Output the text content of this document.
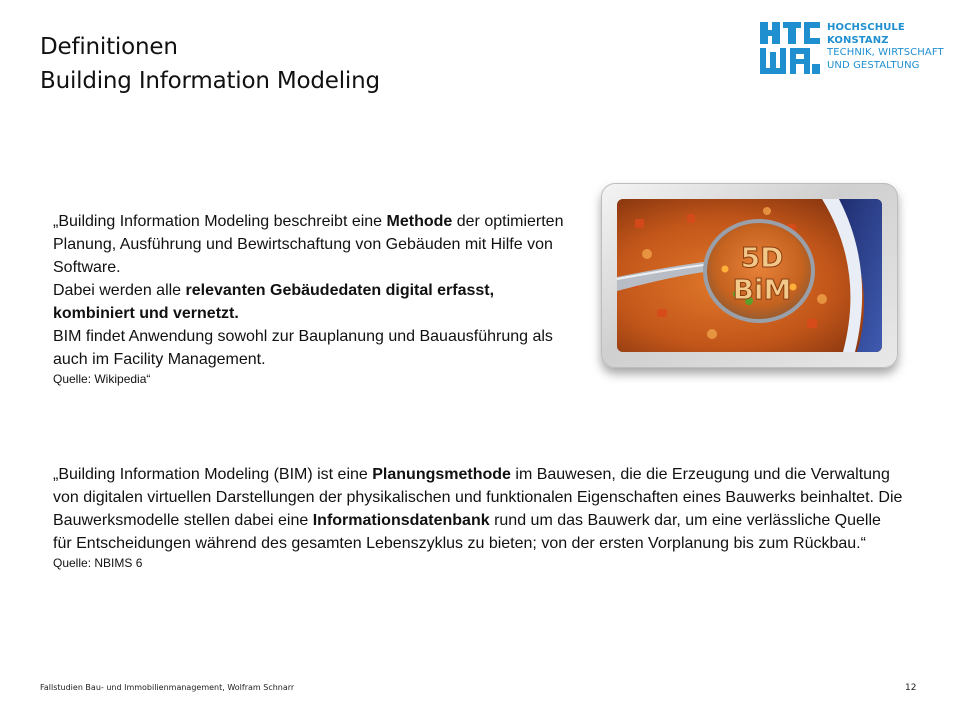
Definitionen
Building Information Modeling
HOCHSCHULE
KONSTANZ
TECHNIK, WIRTSCHAFT
UND GESTALTUNG
„Building Information Modeling beschreibt eine Methode der optimierten Planung, Ausführung und Bewirtschaftung von Gebäuden mit Hilfe von Software.
Dabei werden alle relevanten Gebäudedaten digital erfasst, kombiniert und vernetzt.
BIM findet Anwendung sowohl zur Bauplanung und Bauausführung als auch im Facility Management.
Quelle: Wikipedia“
5D
BiM
„Building Information Modeling (BIM) ist eine Planungsmethode im Bauwesen, die die Erzeugung und die Verwaltung von digitalen virtuellen Darstellungen der physikalischen und funktionalen Eigenschaften eines Bauwerks beinhaltet. Die Bauwerksmodelle stellen dabei eine Informationsdatenbank rund um das Bauwerk dar, um eine verlässliche Quelle für Entscheidungen während des gesamten Lebenszyklus zu bieten; von der ersten Vorplanung bis zum Rückbau.“
Quelle: NBIMS 6
Fallstudien Bau- und Immobilienmanagement, Wolfram Schnarr	12
